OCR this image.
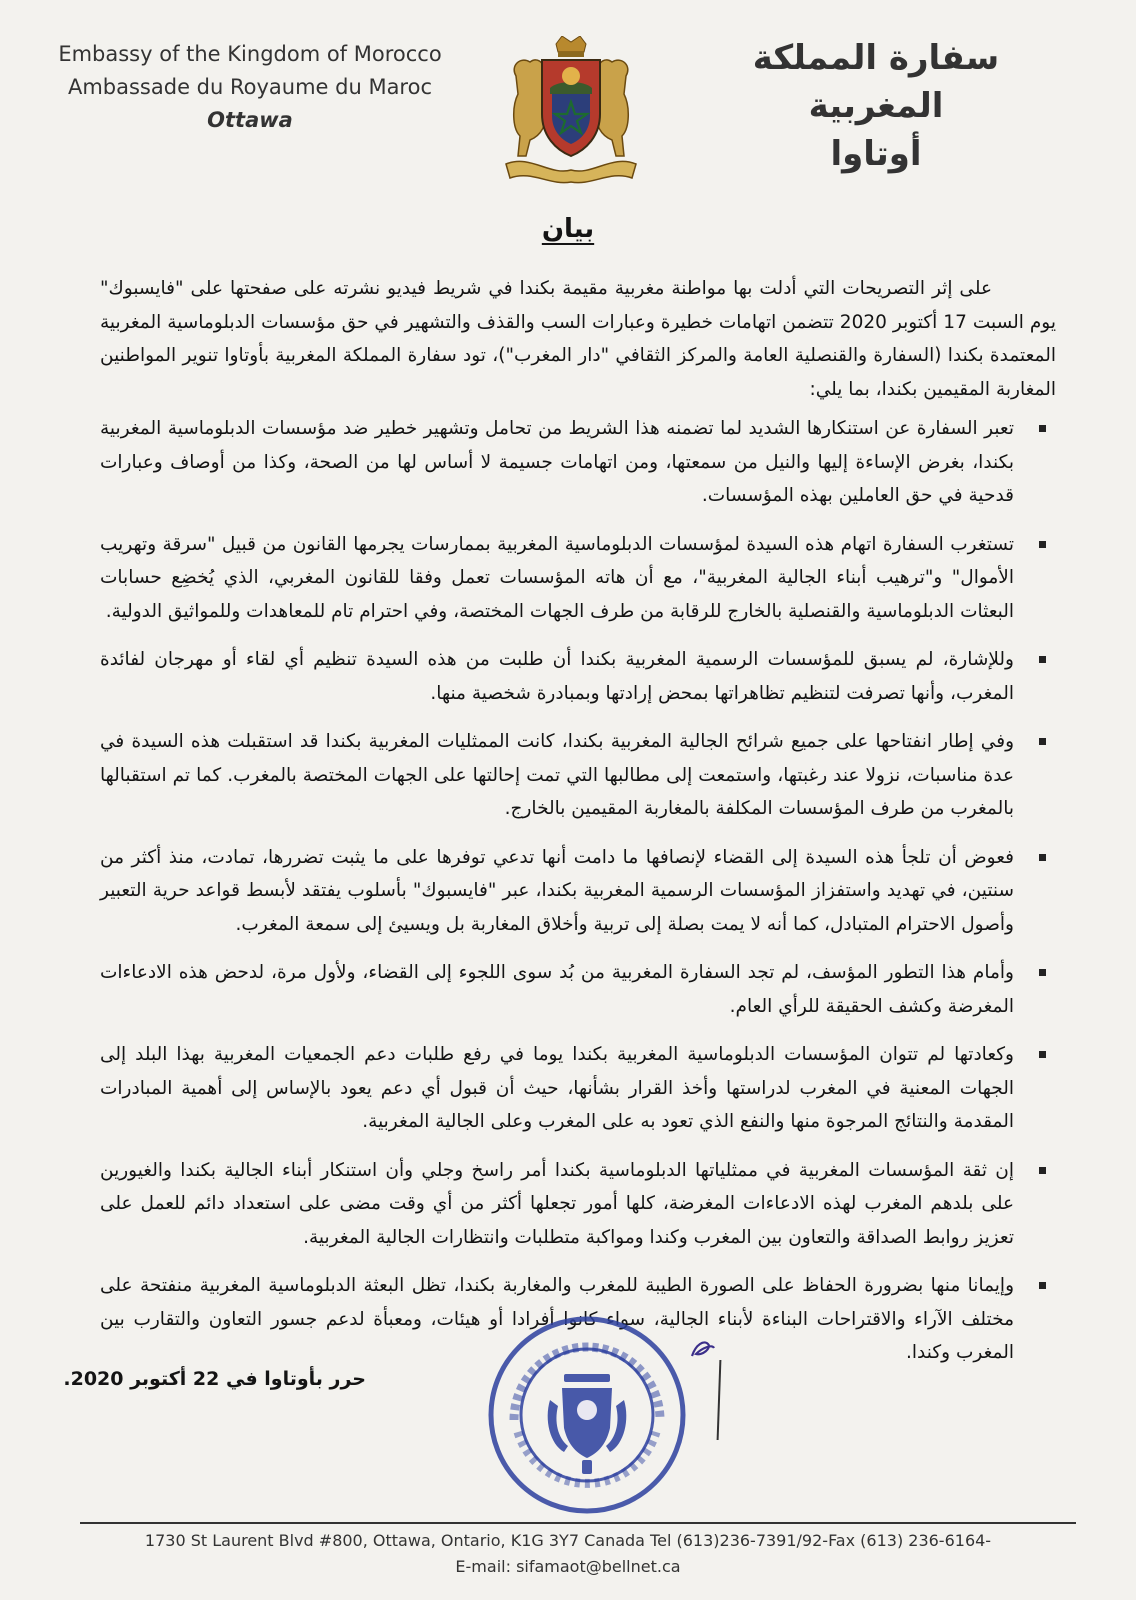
Embassy of the Kingdom of Morocco
Ambassade du Royaume du Maroc
Ottawa
سفارة المملكة المغربية
أوتاوا
بيان

على إثر التصريحات التي أدلت بها مواطنة مغربية مقيمة بكندا في شريط فيديو نشرته على صفحتها على "فايسبوك" يوم السبت 17 أكتوبر 2020 تتضمن اتهامات خطيرة وعبارات السب والقذف والتشهير في حق مؤسسات الدبلوماسية المغربية المعتمدة بكندا (السفارة والقنصلية العامة والمركز الثقافي "دار المغرب")، تود سفارة المملكة المغربية بأوتاوا تنوير المواطنين المغاربة المقيمين بكندا، بما يلي:

تعبر السفارة عن استنكارها الشديد لما تضمنه هذا الشريط من تحامل وتشهير خطير ضد مؤسسات الدبلوماسية المغربية بكندا، بغرض الإساءة إليها والنيل من سمعتها، ومن اتهامات جسيمة لا أساس لها من الصحة، وكذا من أوصاف وعبارات قدحية في حق العاملين بهذه المؤسسات.
تستغرب السفارة اتهام هذه السيدة لمؤسسات الدبلوماسية المغربية بممارسات يجرمها القانون من قبيل "سرقة وتهريب الأموال" و"ترهيب أبناء الجالية المغربية"، مع أن هاته المؤسسات تعمل وفقا للقانون المغربي، الذي يُخضِع حسابات البعثات الدبلوماسية والقنصلية بالخارج للرقابة من طرف الجهات المختصة، وفي احترام تام للمعاهدات وللمواثيق الدولية.
وللإشارة، لم يسبق للمؤسسات الرسمية المغربية بكندا أن طلبت من هذه السيدة تنظيم أي لقاء أو مهرجان لفائدة المغرب، وأنها تصرفت لتنظيم تظاهراتها بمحض إرادتها وبمبادرة شخصية منها.
وفي إطار انفتاحها على جميع شرائح الجالية المغربية بكندا، كانت الممثليات المغربية بكندا قد استقبلت هذه السيدة في عدة مناسبات، نزولا عند رغبتها، واستمعت إلى مطالبها التي تمت إحالتها على الجهات المختصة بالمغرب. كما تم استقبالها بالمغرب من طرف المؤسسات المكلفة بالمغاربة المقيمين بالخارج.
فعوض أن تلجأ هذه السيدة إلى القضاء لإنصافها ما دامت أنها تدعي توفرها على ما يثبت تضررها، تمادت، منذ أكثر من سنتين، في تهديد واستفزاز المؤسسات الرسمية المغربية بكندا، عبر "فايسبوك" بأسلوب يفتقد لأبسط قواعد حرية التعبير وأصول الاحترام المتبادل، كما أنه لا يمت بصلة إلى تربية وأخلاق المغاربة بل ويسيئ إلى سمعة المغرب.
وأمام هذا التطور المؤسف، لم تجد السفارة المغربية من بُد سوى اللجوء إلى القضاء، ولأول مرة، لدحض هذه الادعاءات المغرضة وكشف الحقيقة للرأي العام.
وكعادتها لم تتوان المؤسسات الدبلوماسية المغربية بكندا يوما في رفع طلبات دعم الجمعيات المغربية بهذا البلد إلى الجهات المعنية في المغرب لدراستها وأخذ القرار بشأنها، حيث أن قبول أي دعم يعود بالإساس إلى أهمية المبادرات المقدمة والنتائج المرجوة منها والنفع الذي تعود به على المغرب وعلى الجالية المغربية.
إن ثقة المؤسسات المغربية في ممثلياتها الدبلوماسية بكندا أمر راسخ وجلي وأن استنكار أبناء الجالية بكندا والغيورين على بلدهم المغرب لهذه الادعاءات المغرضة، كلها أمور تجعلها أكثر من أي وقت مضى على استعداد دائم للعمل على تعزيز روابط الصداقة والتعاون بين المغرب وكندا ومواكبة متطلبات وانتظارات الجالية المغربية.
وإيمانا منها بضرورة الحفاظ على الصورة الطيبة للمغرب والمغاربة بكندا، تظل البعثة الدبلوماسية المغربية منفتحة على مختلف الآراء والاقتراحات البناءة لأبناء الجالية، سواء كانوا أفرادا أو هيئات، ومعبأة لدعم جسور التعاون والتقارب بين المغرب وكندا.
حرر بأوتاوا في 22 أكتوبر 2020.
1730 St Laurent Blvd #800, Ottawa, Ontario, K1G 3Y7 Canada Tel (613)236-7391/92-Fax (613) 236-6164-
E-mail: sifamaot@bellnet.ca
